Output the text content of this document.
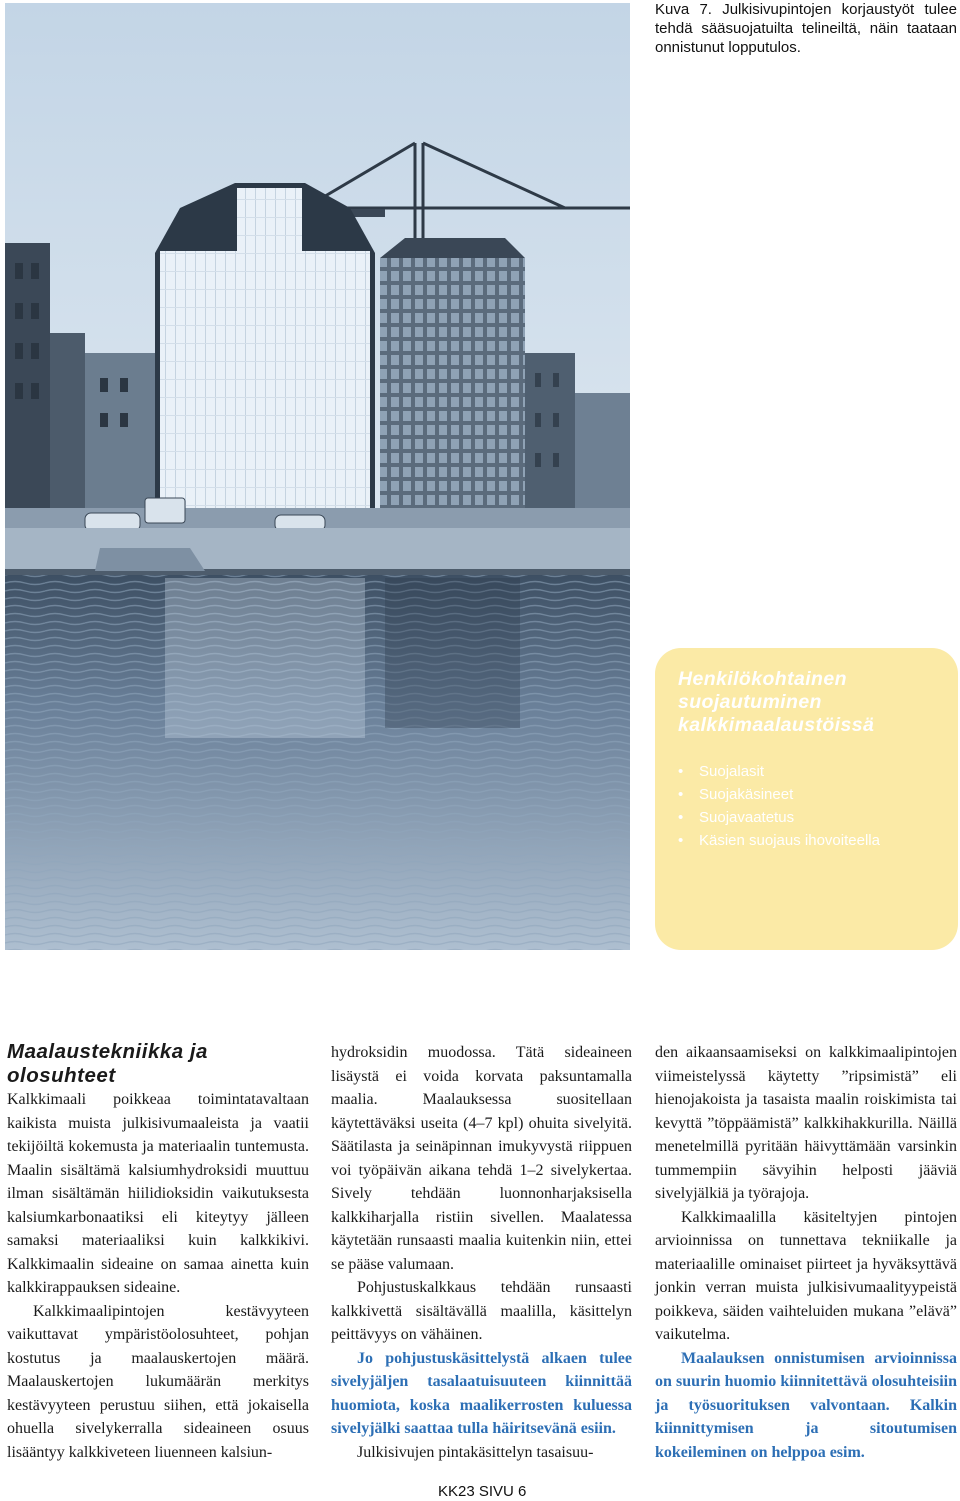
Kuva 7. Julkisivupintojen korjaustyöt tulee tehdä sääsuojatuilta telineiltä, näin taataan onnistunut lopputulos.
Henkilökohtainen
suojautuminen
kalkkimaalaustöissä
• Suojalasit
• Suojakäsineet
• Suojavaatetus
• Käsien suojaus ihovoiteella
Maalaustekniikka ja
olosuhteet

Kalkkimaali poikkeaa toimintatavaltaan kaikista muista julkisivumaaleista ja vaatii tekijöiltä kokemusta ja materiaalin tuntemusta. Maalin sisältämä kalsiumhydroksidi muuttuu ilman sisältämän hiilidioksidin vaikutuksesta kalsiumkarbonaatiksi eli kiteytyy jälleen samaksi materiaaliksi kuin kalkkikivi. Kalkkimaalin sideaine on samaa ainetta kuin kalkkirappauksen sideaine.

Kalkkimaalipintojen kestävyyteen vaikuttavat ympäristöolosuhteet, pohjan kostutus ja maalauskertojen määrä. Maalauskertojen lukumäärän merkitys kestävyyteen perustuu siihen, että jokaisella ohuella sivelykerralla sideaineen osuus lisääntyy kalkkiveteen liuenneen kalsiun-

hydroksidin muodossa. Tätä sideaineen lisäystä ei voida korvata paksuntamalla maalia. Maalauksessa suositellaan käytettäväksi useita (4–7 kpl) ohuita sivelyitä. Säätilasta ja seinäpinnan imukyvystä riippuen voi työpäivän aikana tehdä 1–2 sivelykertaa. Sively tehdään luonnonharjaksisella kalkkiharjalla ristiin sivellen. Maalatessa käytetään runsaasti maalia kuitenkin niin, ettei se pääse valumaan.

Pohjustuskalkkaus tehdään runsaasti kalkkivettä sisältävällä maalilla, käsittelyn peittävyys on vähäinen.

Jo pohjustuskäsittelystä alkaen tulee sivelyjäljen tasalaatuisuuteen kiinnittää huomiota, koska maalikerrosten kuluessa sivelyjälki saattaa tulla häiritsevänä esiin.

Julkisivujen pintakäsittelyn tasaisuu-

den aikaansaamiseksi on kalkkimaalipintojen viimeistelyssä käytetty ”ripsimistä” eli hienojakoista ja tasaista maalin roiskimista tai kevyttä ”töppäämistä” kalkkihakkurilla. Näillä menetelmillä pyritään häivyttämään varsinkin tummempiin sävyihin helposti jääviä sivelyjälkiä ja työrajoja.

Kalkkimaalilla käsiteltyjen pintojen arvioinnissa on tunnettava tekniikalle ja materiaalille ominaiset piirteet ja hyväksyttävä jonkin verran muista julkisivumaalityypeistä poikkeva, säiden vaihteluiden mukana ”elävä” vaikutelma.

Maalauksen onnistumisen arvioinnissa on suurin huomio kiinnitettävä olosuhteisiin ja työsuorituksen valvontaan. Kalkin kiinnittymisen ja sitoutumisen kokeileminen on helppoa esim.

KK23 SIVU 6
